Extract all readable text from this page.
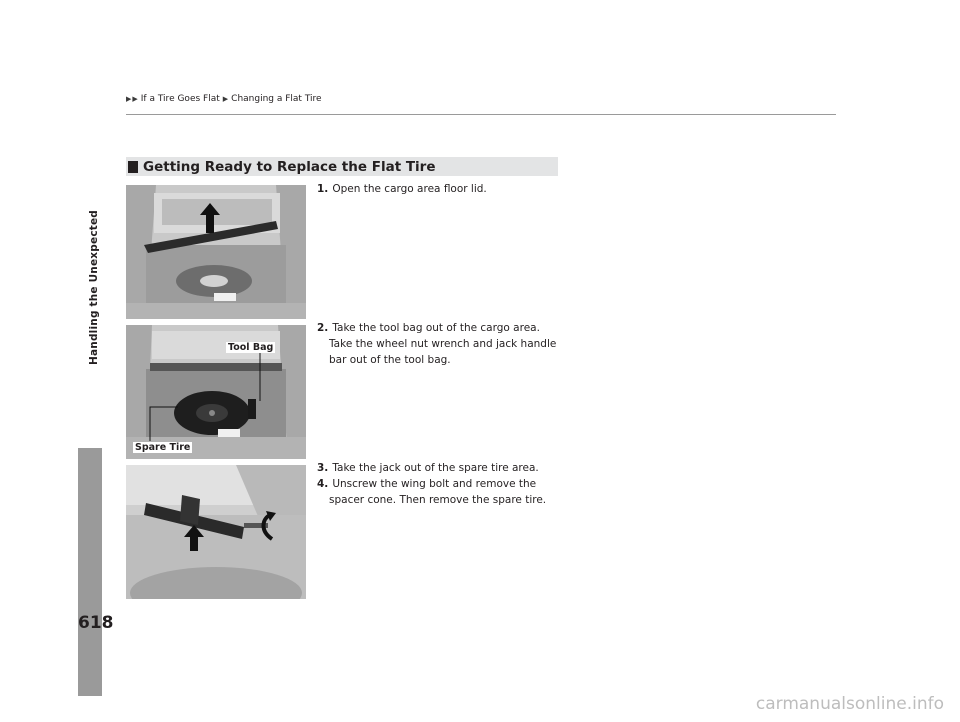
Handling the Unexpected
▶ ▶ If a Tire Goes Flat ▶ Changing a Flat Tire
Getting Ready to Replace the Flat Tire
Tool Bag
Spare Tire
1. Open the cargo area floor lid.
2. Take the tool bag out of the cargo area.
Take the wheel nut wrench and jack handle
bar out of the tool bag.
3. Take the jack out of the spare tire area.
4. Unscrew the wing bolt and remove the
spacer cone. Then remove the spare tire.
618
carmanualsonline.info
